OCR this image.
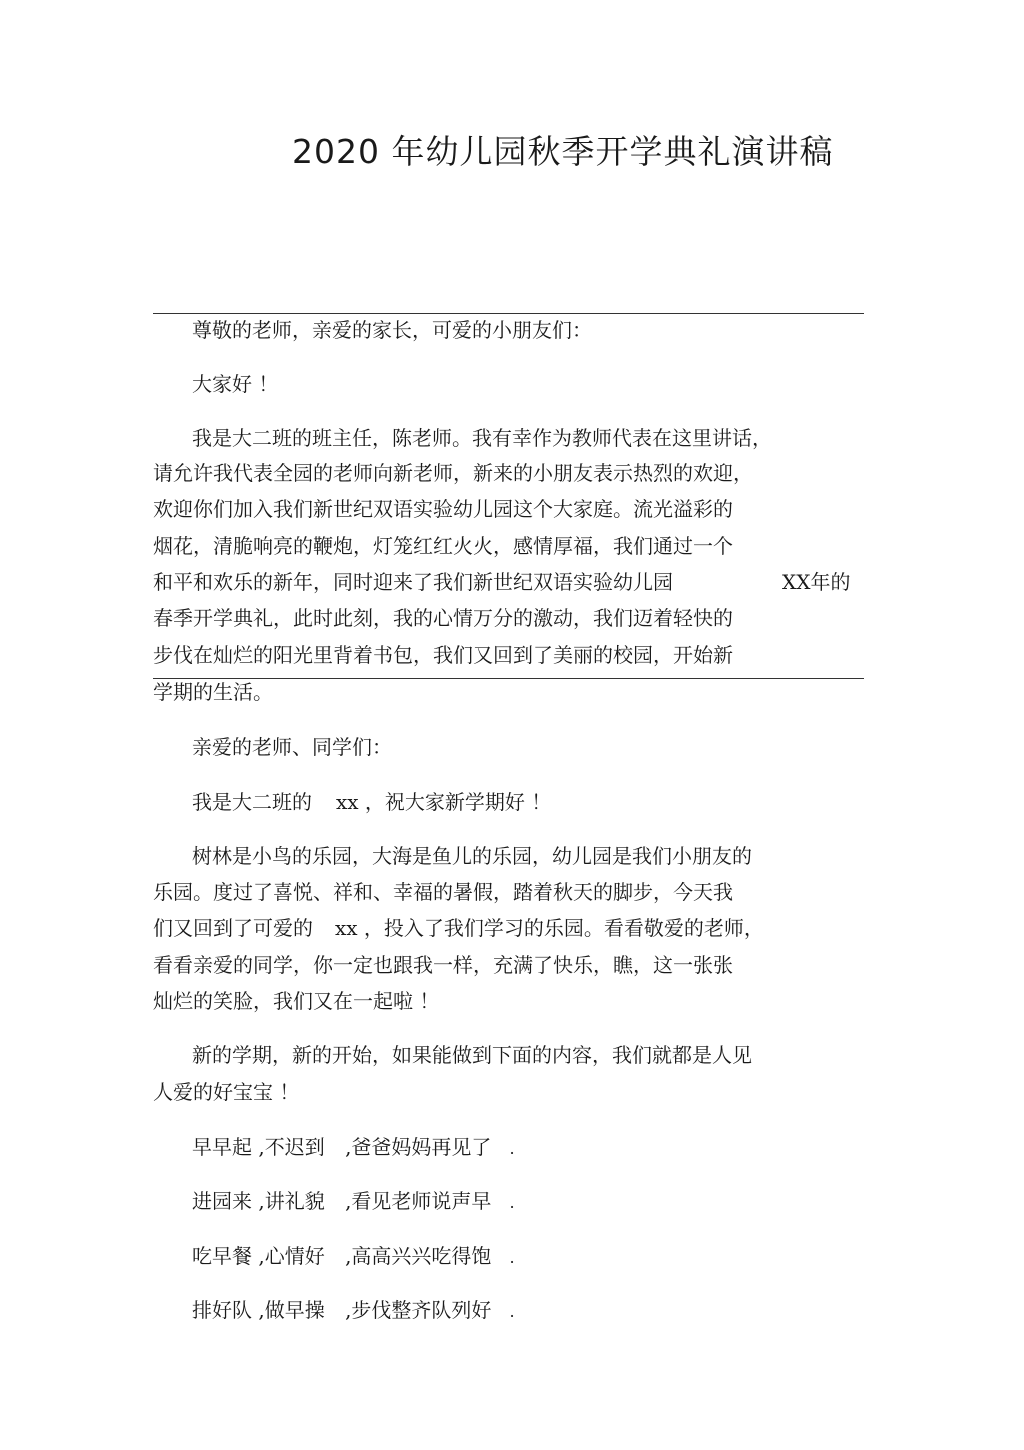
2020 年幼儿园秋季开学典礼演讲稿
尊敬的老师，亲爱的家长，可爱的小朋友们：
大家好 ！
我是大二班的班主任，陈老师。我有幸作为教师代表在这里讲话，
请允许我代表全园的老师向新老师，新来的小朋友表示热烈的欢迎，
欢迎你们加入我们新世纪双语实验幼儿园这个大家庭。流光溢彩的
烟花，清脆响亮的鞭炮，灯笼红红火火，感情厚福，我们通过一个
和平和欢乐的新年，同时迎来了我们新世纪双语实验幼儿园	XX年的
春季开学典礼，此时此刻，我的心情万分的激动，我们迈着轻快的
步伐在灿烂的阳光里背着书包，我们又回到了美丽的校园，开始新
学期的生活。
亲爱的老师、同学们：
我是大二班的 xx ，祝大家新学期好 ！
树林是小鸟的乐园，大海是鱼儿的乐园，幼儿园是我们小朋友的
乐园。度过了喜悦、祥和、幸福的暑假，踏着秋天的脚步，今天我
们又回到了可爱的 xx ，投入了我们学习的乐园。看看敬爱的老师，
看看亲爱的同学，你一定也跟我一样，充满了快乐，瞧，这一张张
灿烂的笑脸，我们又在一起啦 ！
新的学期，新的开始，如果能做到下面的内容，我们就都是人见
人爱的好宝宝 ！
早早起 ,不迟到 ,爸爸妈妈再见了 .
进园来 ,讲礼貌 ,看见老师说声早 .
吃早餐 ,心情好 ,高高兴兴吃得饱 .
排好队 ,做早操 ,步伐整齐队列好 .
